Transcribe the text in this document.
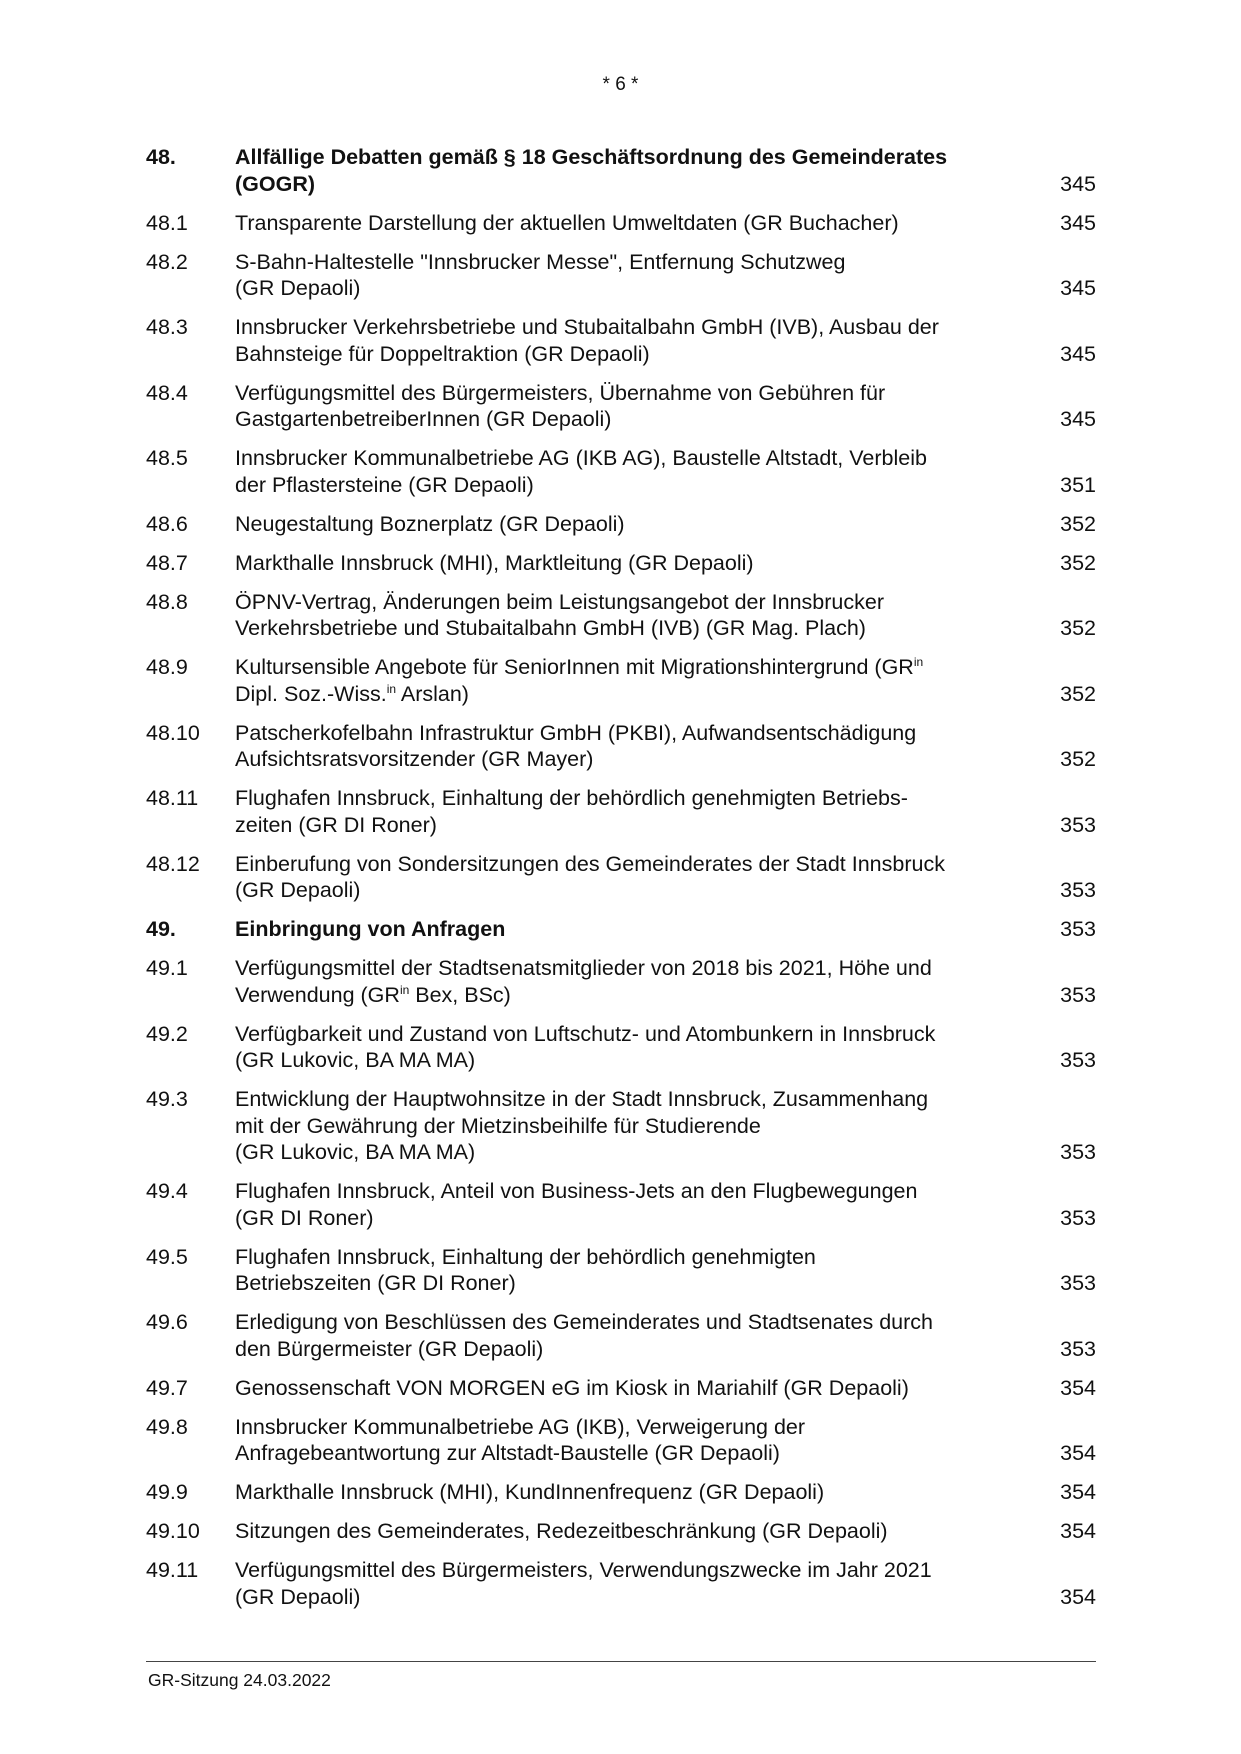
* 6 *
48.	Allfällige Debatten gemäß § 18 Geschäftsordnung des Gemeinderates
(GOGR)	345
48.1	Transparente Darstellung der aktuellen Umweltdaten (GR Buchacher)	345
48.2	S-Bahn-Haltestelle "Innsbrucker Messe", Entfernung Schutzweg
(GR Depaoli)	345
48.3	Innsbrucker Verkehrsbetriebe und Stubaitalbahn GmbH (IVB), Ausbau der
Bahnsteige für Doppeltraktion (GR Depaoli)	345
48.4	Verfügungsmittel des Bürgermeisters, Übernahme von Gebühren für
GastgartenbetreiberInnen (GR Depaoli)	345
48.5	Innsbrucker Kommunalbetriebe AG (IKB AG), Baustelle Altstadt, Verbleib
der Pflastersteine (GR Depaoli)	351
48.6	Neugestaltung Boznerplatz (GR Depaoli)	352
48.7	Markthalle Innsbruck (MHI), Marktleitung (GR Depaoli)	352
48.8	ÖPNV-Vertrag, Änderungen beim Leistungsangebot der Innsbrucker
Verkehrsbetriebe und Stubaitalbahn GmbH (IVB) (GR Mag. Plach)	352
48.9	Kultursensible Angebote für SeniorInnen mit Migrationshintergrund ($GR^{in}$
Dipl. Soz.-Wiss.$^{in}$ Arslan)	352
48.10	Patscherkofelbahn Infrastruktur GmbH (PKBI), Aufwandsentschädigung
Aufsichtsratsvorsitzender (GR Mayer)	352
48.11	Flughafen Innsbruck, Einhaltung der behördlich genehmigten Betriebs-
zeiten (GR DI Roner)	353
48.12	Einberufung von Sondersitzungen des Gemeinderates der Stadt Innsbruck
(GR Depaoli)	353
49.	Einbringung von Anfragen	353
49.1	Verfügungsmittel der Stadtsenatsmitglieder von 2018 bis 2021, Höhe und
Verwendung ($GR^{in}$ Bex, BSc)	353
49.2	Verfügbarkeit und Zustand von Luftschutz- und Atombunkern in Innsbruck
(GR Lukovic, BA MA MA)	353
49.3	Entwicklung der Hauptwohnsitze in der Stadt Innsbruck, Zusammenhang
mit der Gewährung der Mietzinsbeihilfe für Studierende
(GR Lukovic, BA MA MA)	353
49.4	Flughafen Innsbruck, Anteil von Business-Jets an den Flugbewegungen
(GR DI Roner)	353
49.5	Flughafen Innsbruck, Einhaltung der behördlich genehmigten
Betriebszeiten (GR DI Roner)	353
49.6	Erledigung von Beschlüssen des Gemeinderates und Stadtsenates durch
den Bürgermeister (GR Depaoli)	353
49.7	Genossenschaft VON MORGEN eG im Kiosk in Mariahilf (GR Depaoli)	354
49.8	Innsbrucker Kommunalbetriebe AG (IKB), Verweigerung der
Anfragebeantwortung zur Altstadt-Baustelle (GR Depaoli)	354
49.9	Markthalle Innsbruck (MHI), KundInnenfrequenz (GR Depaoli)	354
49.10	Sitzungen des Gemeinderates, Redezeitbeschränkung (GR Depaoli)	354
49.11	Verfügungsmittel des Bürgermeisters, Verwendungszwecke im Jahr 2021
(GR Depaoli)	354
GR-Sitzung 24.03.2022
